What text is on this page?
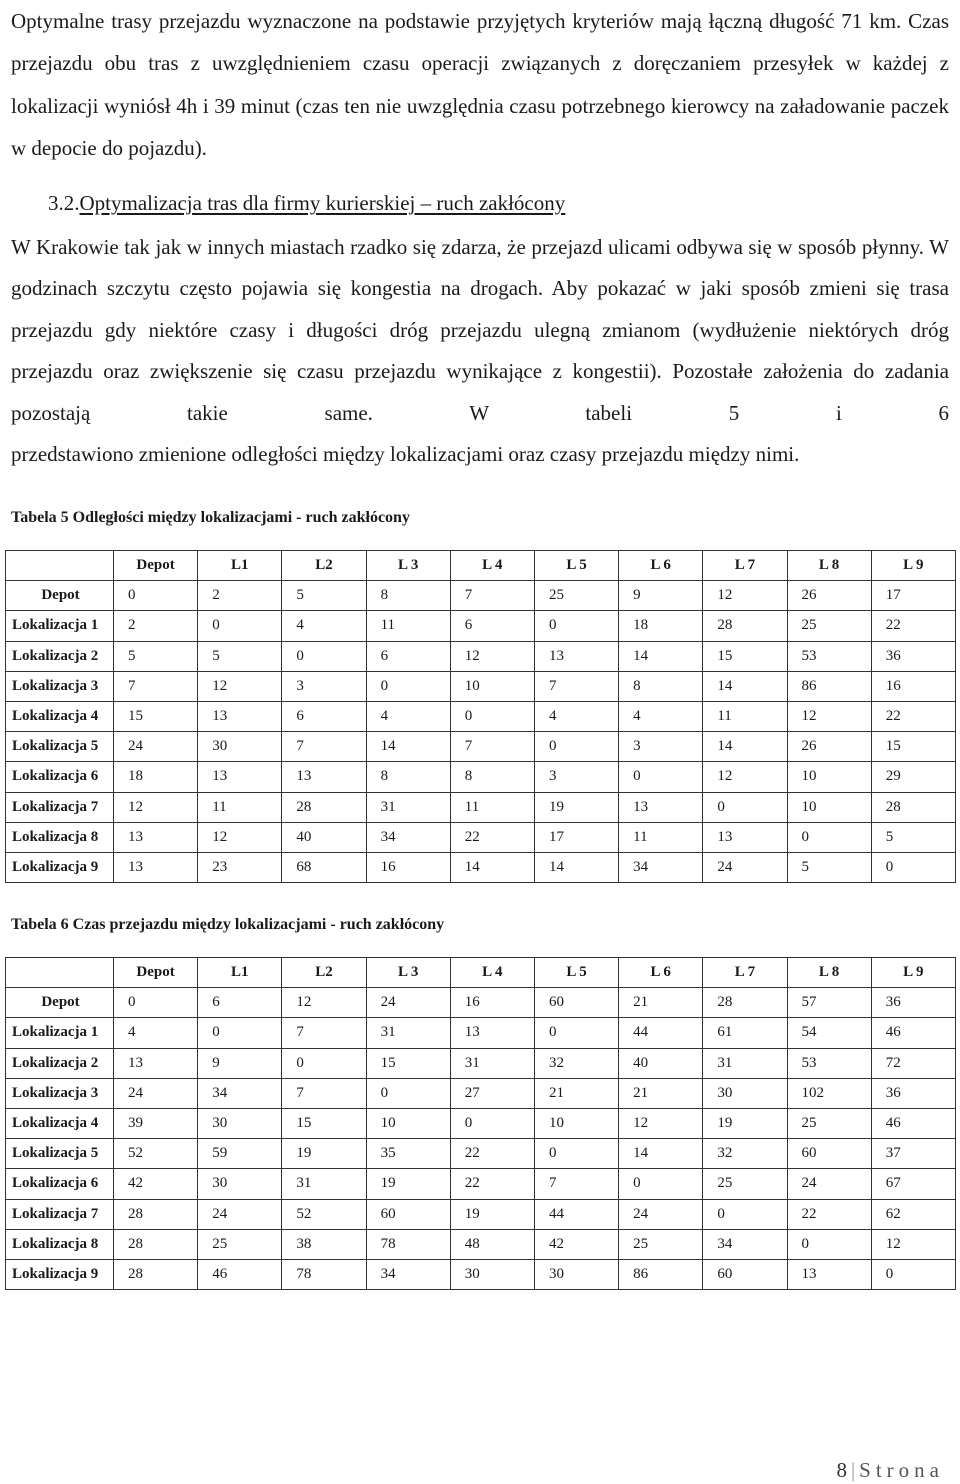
Optymalne trasy przejazdu wyznaczone na podstawie przyjętych kryteriów mają łączną długość 71 km. Czas przejazdu obu tras z uwzględnieniem czasu operacji związanych z doręczaniem przesyłek w każdej z lokalizacji wyniósł 4h i 39 minut (czas ten nie uwzględnia czasu potrzebnego kierowcy na załadowanie paczek w depocie do pojazdu).

3.2.Optymalizacja tras dla firmy kurierskiej – ruch zakłócony

W Krakowie tak jak w innych miastach rzadko się zdarza, że przejazd ulicami odbywa się w sposób płynny. W godzinach szczytu często pojawia się kongestia na drogach. Aby pokazać w jaki sposób zmieni się trasa przejazdu gdy niektóre czasy i długości dróg przejazdu ulegną zmianom (wydłużenie niektórych dróg przejazdu oraz zwiększenie się czasu przejazdu wynikające z kongestii). Pozostałe założenia do zadania pozostają takie same. W tabeli 5 i 6
przedstawiono zmienione odległości między lokalizacjami oraz czasy przejazdu między nimi.

Tabela 5 Odległości między lokalizacjami - ruch zakłócony

	Depot	L1	L2	L 3	L 4	L 5	L 6	L 7	L 8	L 9
Depot	0	2	5	8	7	25	9	12	26	17
Lokalizacja 1	2	0	4	11	6	0	18	28	25	22
Lokalizacja 2	5	5	0	6	12	13	14	15	53	36
Lokalizacja 3	7	12	3	0	10	7	8	14	86	16
Lokalizacja 4	15	13	6	4	0	4	4	11	12	22
Lokalizacja 5	24	30	7	14	7	0	3	14	26	15
Lokalizacja 6	18	13	13	8	8	3	0	12	10	29
Lokalizacja 7	12	11	28	31	11	19	13	0	10	28
Lokalizacja 8	13	12	40	34	22	17	11	13	0	5
Lokalizacja 9	13	23	68	16	14	14	34	24	5	0

Tabela 6 Czas przejazdu między lokalizacjami - ruch zakłócony

	Depot	L1	L2	L 3	L 4	L 5	L 6	L 7	L 8	L 9
Depot	0	6	12	24	16	60	21	28	57	36
Lokalizacja 1	4	0	7	31	13	0	44	61	54	46
Lokalizacja 2	13	9	0	15	31	32	40	31	53	72
Lokalizacja 3	24	34	7	0	27	21	21	30	102	36
Lokalizacja 4	39	30	15	10	0	10	12	19	25	46
Lokalizacja 5	52	59	19	35	22	0	14	32	60	37
Lokalizacja 6	42	30	31	19	22	7	0	25	24	67
Lokalizacja 7	28	24	52	60	19	44	24	0	22	62
Lokalizacja 8	28	25	38	78	48	42	25	34	0	12
Lokalizacja 9	28	46	78	34	30	30	86	60	13	0
8 | Strona
